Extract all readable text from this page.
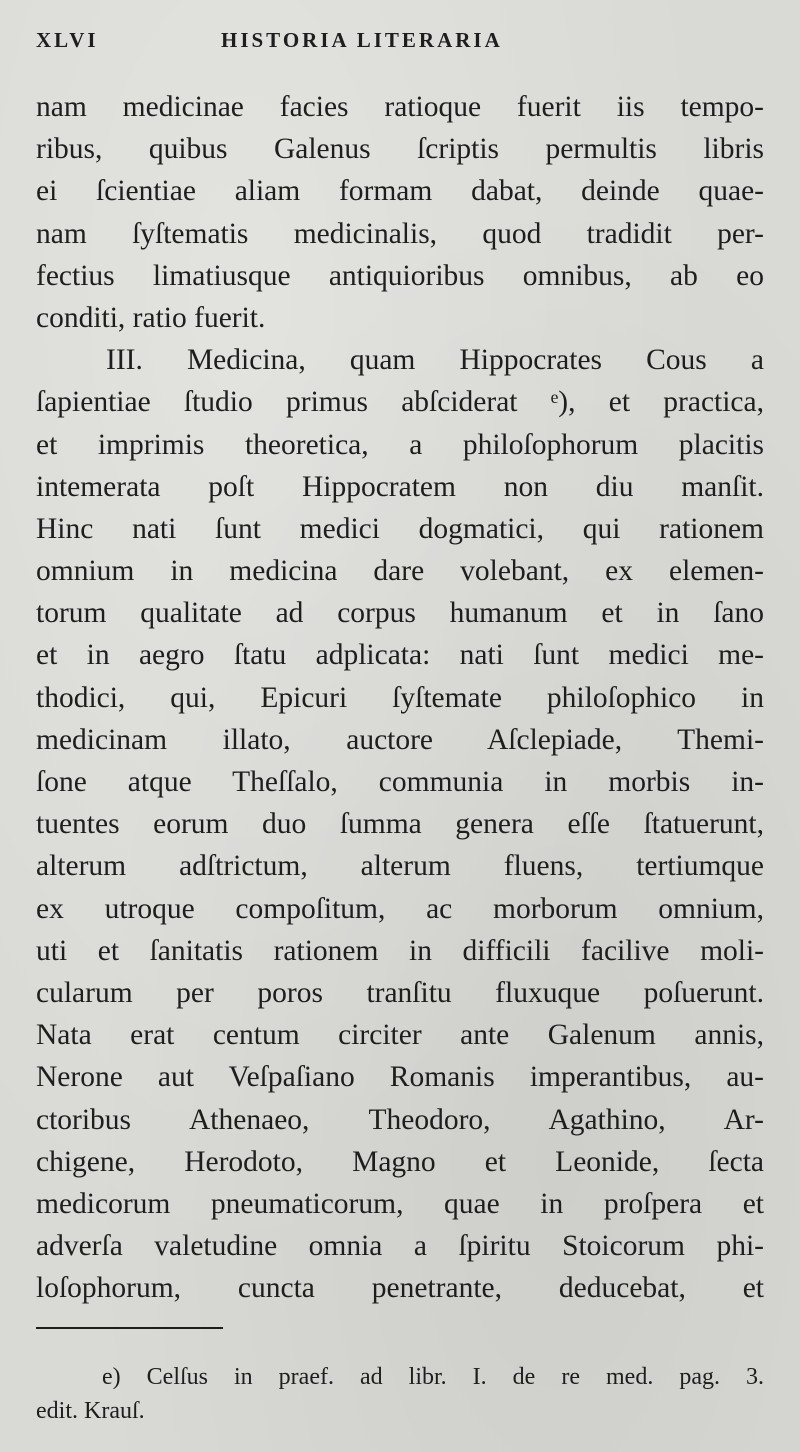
XLVI	HISTORIA LITERARIA
nam medicinae facies ratioque fuerit iis tempo-
ribus, quibus Galenus ſcriptis permultis libris
ei ſcientiae aliam formam dabat, deinde quae-
nam ſyſtematis medicinalis, quod tradidit per-
fectius limatiusque antiquioribus omnibus, ab eo
conditi, ratio fuerit.
III. Medicina, quam Hippocrates Cous a
ſapientiae ſtudio primus abſciderat ᵉ), et practica,
et imprimis theoretica, a philoſophorum placitis
intemerata poſt Hippocratem non diu manſit.
Hinc nati ſunt medici dogmatici, qui rationem
omnium in medicina dare volebant, ex elemen-
torum qualitate ad corpus humanum et in ſano
et in aegro ſtatu adplicata: nati ſunt medici me-
thodici, qui, Epicuri ſyſtemate philoſophico in
medicinam illato, auctore Aſclepiade, Themi-
ſone atque Theſſalo, communia in morbis in-
tuentes eorum duo ſumma genera eſſe ſtatuerunt,
alterum adſtrictum, alterum fluens, tertiumque
ex utroque compoſitum, ac morborum omnium,
uti et ſanitatis rationem in difficili facilive moli-
cularum per poros tranſitu fluxuque poſuerunt.
Nata erat centum circiter ante Galenum annis,
Nerone aut Veſpaſiano Romanis imperantibus, au-
ctoribus Athenaeo, Theodoro, Agathino, Ar-
chigene, Herodoto, Magno et Leonide, ſecta
medicorum pneumaticorum, quae in proſpera et
adverſa valetudine omnia a ſpiritu Stoicorum phi-
loſophorum, cuncta penetrante, deducebat, et
e) Celſus in praef. ad libr. I. de re med. pag. 3.
edit. Krauſ.
